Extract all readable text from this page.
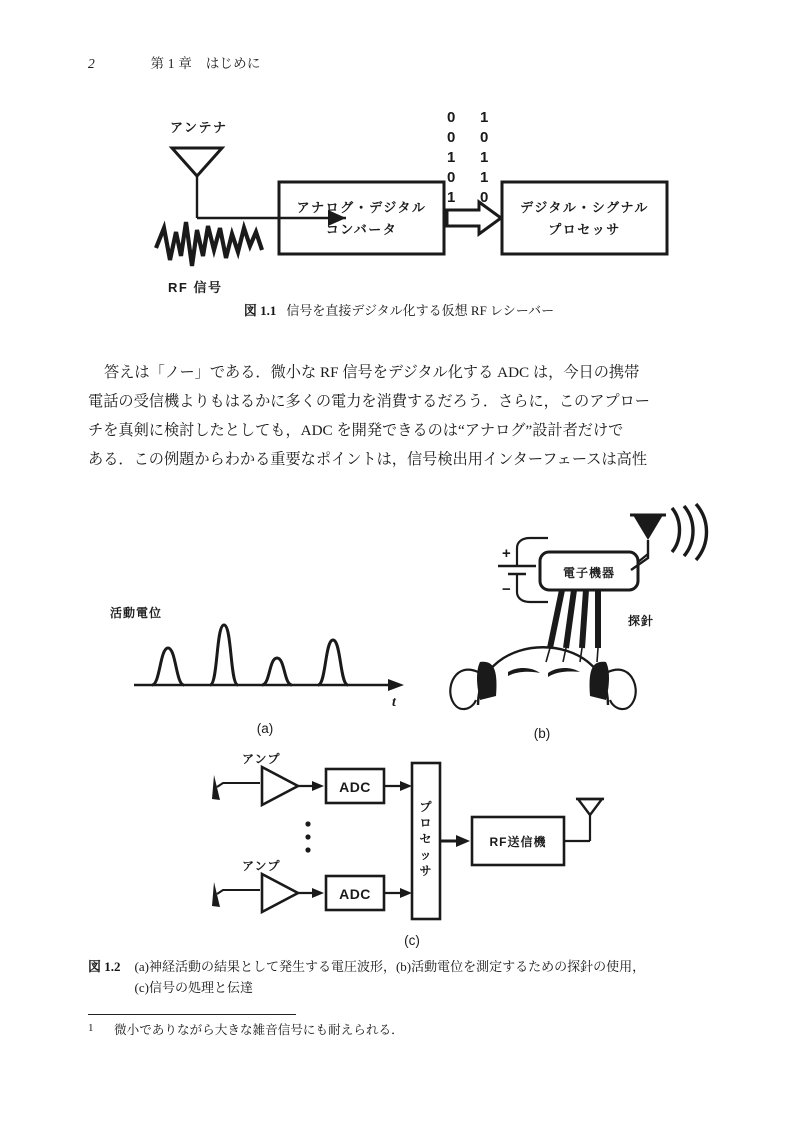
2	第 1 章　はじめに
アンテナ
RF 信号
アナログ・デジタル
コンバータ
0
0
1
0
1
1
0
1
1
0
デジタル・シグナル
プロセッサ
図 1.1 信号を直接デジタル化する仮想 RF レシーバー
答えは「ノー」である．微小な RF 信号をデジタル化する ADC は，今日の携帯
電話の受信機よりもはるかに多くの電力を消費するだろう．さらに，このアプロー
チを真剣に検討したとしても，ADC を開発できるのは“アナログ”設計者だけで
ある．この例題からわかる重要なポイントは，信号検出用インターフェースは高性
活動電位
t
(a)
+
−
電子機器
探針
(b)
アンプ
ADC
アンプ
ADC
プ
ロ
セ
ッ
サ
RF送信機
(c)
図 1.2 (a)神経活動の結果として発生する電圧波形，(b)活動電位を測定するための探針の使用，
(c)信号の処理と伝達
1 微小でありながら大きな雑音信号にも耐えられる．
